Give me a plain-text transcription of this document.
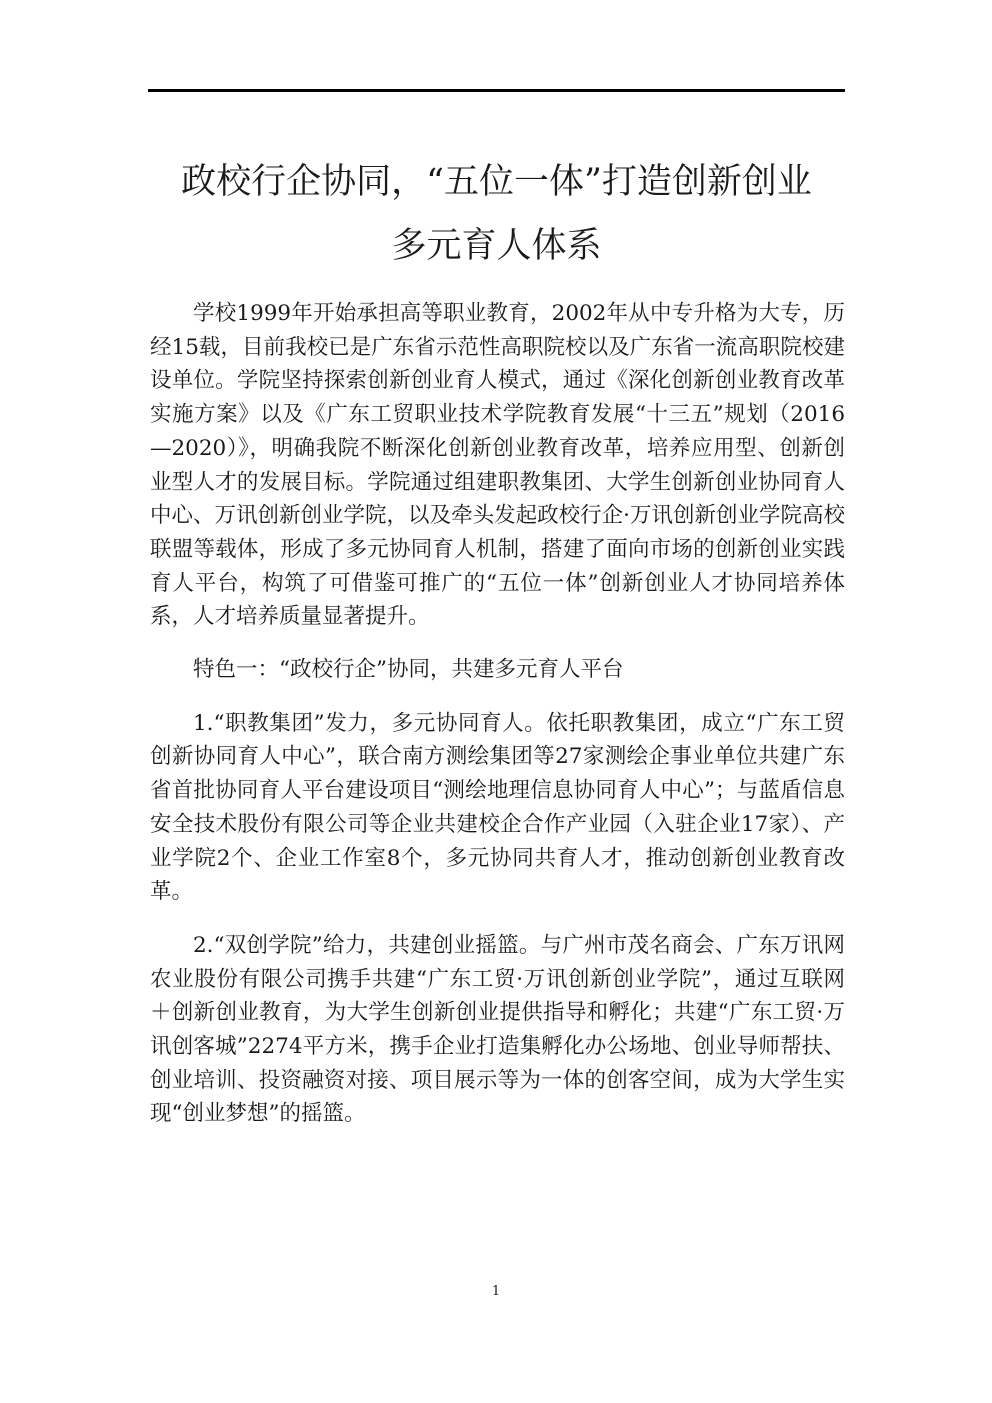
政校行企协同，“五位一体”打造创新创业
多元育人体系

学校1999年开始承担高等职业教育，2002年从中专升格为大专，历经15载，目前我校已是广东省示范性高职院校以及广东省一流高职院校建设单位。学院坚持探索创新创业育人模式，通过《深化创新创业教育改革实施方案》以及《广东工贸职业技术学院教育发展“十三五”规划（2016—2020）》，明确我院不断深化创新创业教育改革，培养应用型、创新创业型人才的发展目标。学院通过组建职教集团、大学生创新创业协同育人中心、万讯创新创业学院，以及牵头发起政校行企·万讯创新创业学院高校联盟等载体，形成了多元协同育人机制，搭建了面向市场的创新创业实践育人平台，构筑了可借鉴可推广的“五位一体”创新创业人才协同培养体系，人才培养质量显著提升。

特色一：“政校行企”协同，共建多元育人平台

1.“职教集团”发力，多元协同育人。依托职教集团，成立“广东工贸创新协同育人中心”，联合南方测绘集团等27家测绘企事业单位共建广东省首批协同育人平台建设项目“测绘地理信息协同育人中心”；与蓝盾信息安全技术股份有限公司等企业共建校企合作产业园（入驻企业17家）、产业学院2个、企业工作室8个，多元协同共育人才，推动创新创业教育改革。

2.“双创学院”给力，共建创业摇篮。与广州市茂名商会、广东万讯网农业股份有限公司携手共建“广东工贸·万讯创新创业学院”，通过互联网＋创新创业教育，为大学生创新创业提供指导和孵化；共建“广东工贸·万讯创客城”2274平方米，携手企业打造集孵化办公场地、创业导师帮扶、创业培训、投资融资对接、项目展示等为一体的创客空间，成为大学生实现“创业梦想”的摇篮。

1
